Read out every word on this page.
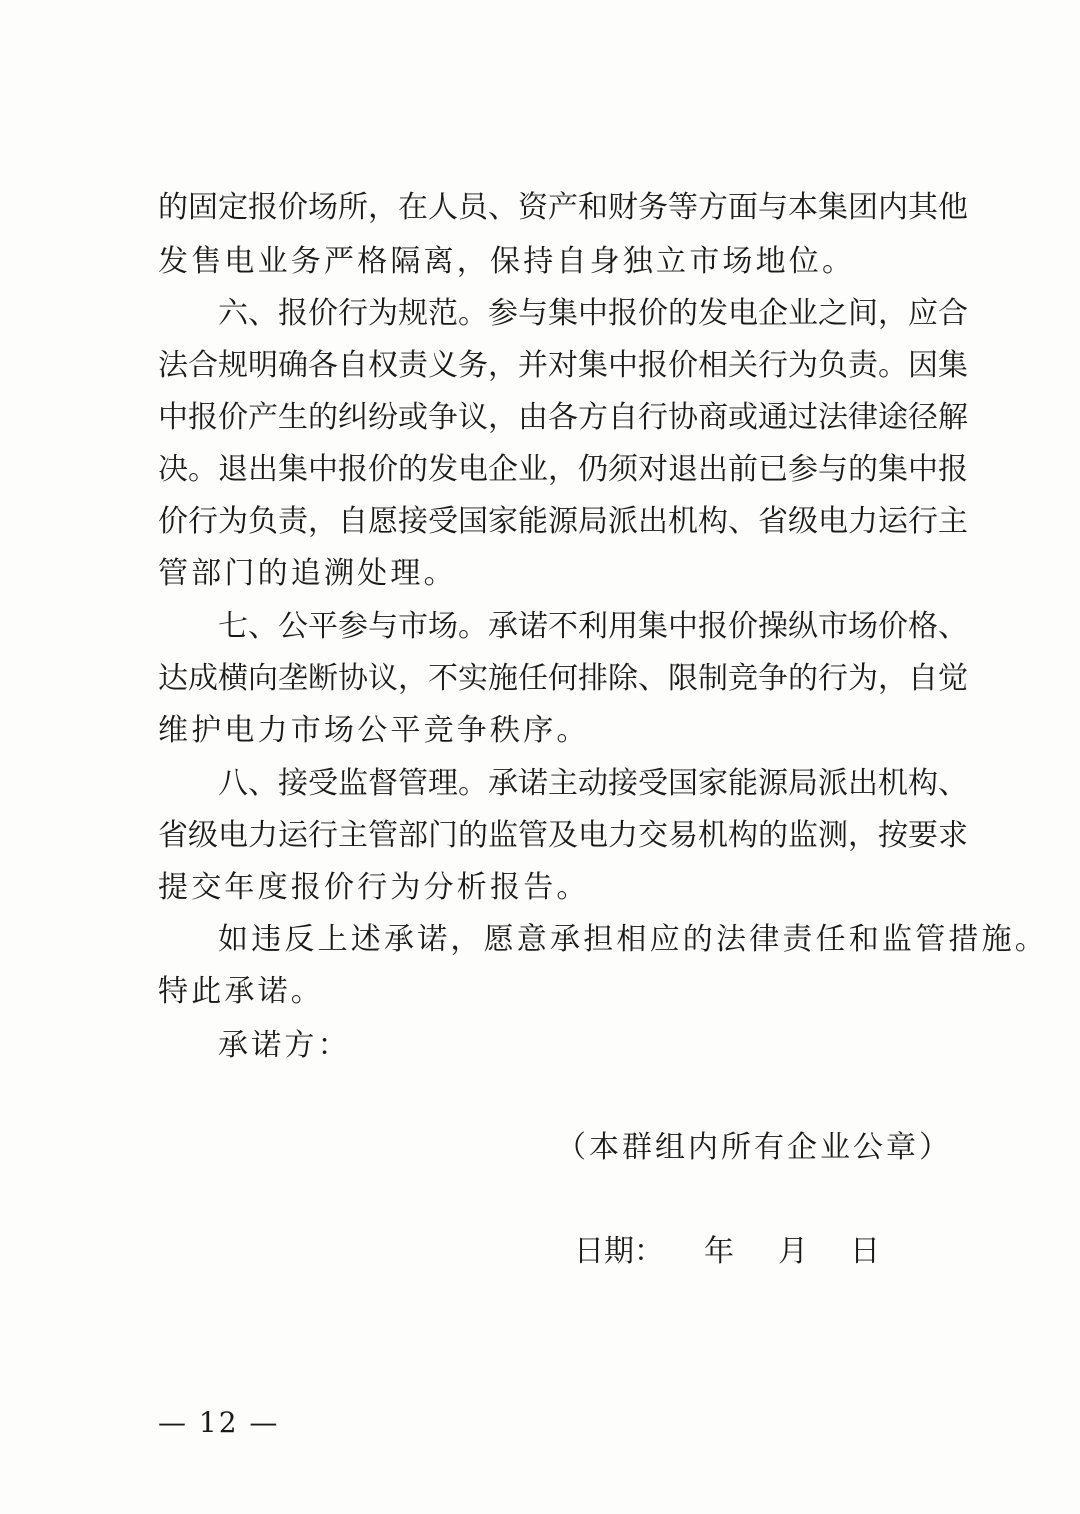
的 固 定 报 价 场 所 ， 在 人 员 、 资 产 和 财 务 等 方 面 与 本 集 团 内 其 他
发售电业务严格隔离，保持自身独立市场地位。
六 、 报 价 行 为 规 范 。 参 与 集 中 报 价 的 发 电 企 业 之 间 ， 应 合
法 合 规 明 确 各 自 权 责 义 务 ， 并 对 集 中 报 价 相 关 行 为 负 责 。 因 集
中 报 价 产 生 的 纠 纷 或 争 议 ， 由 各 方 自 行 协 商 或 通 过 法 律 途 径 解
决 。 退 出 集 中 报 价 的 发 电 企 业 ， 仍 须 对 退 出 前 已 参 与 的 集 中 报
价 行 为 负 责 ， 自 愿 接 受 国 家 能 源 局 派 出 机 构 、 省 级 电 力 运 行 主
管部门的追溯处理。
七 、 公 平 参 与 市 场 。 承 诺 不 利 用 集 中 报 价 操 纵 市 场 价 格 、
达 成 横 向 垄 断 协 议 ， 不 实 施 任 何 排 除 、 限 制 竞 争 的 行 为 ， 自 觉
维护电力市场公平竞争秩序。
八 、 接 受 监 督 管 理 。 承 诺 主 动 接 受 国 家 能 源 局 派 出 机 构 、
省 级 电 力 运 行 主 管 部 门 的 监 管 及 电 力 交 易 机 构 的 监 测 ， 按 要 求
提交年度报价行为分析报告。
如违反上述承诺，愿意承担相应的法律责任和监管措施。
特此承诺。
承诺方：
（本群组内所有企业公章）
日期： 年 月 日
— 12 —
